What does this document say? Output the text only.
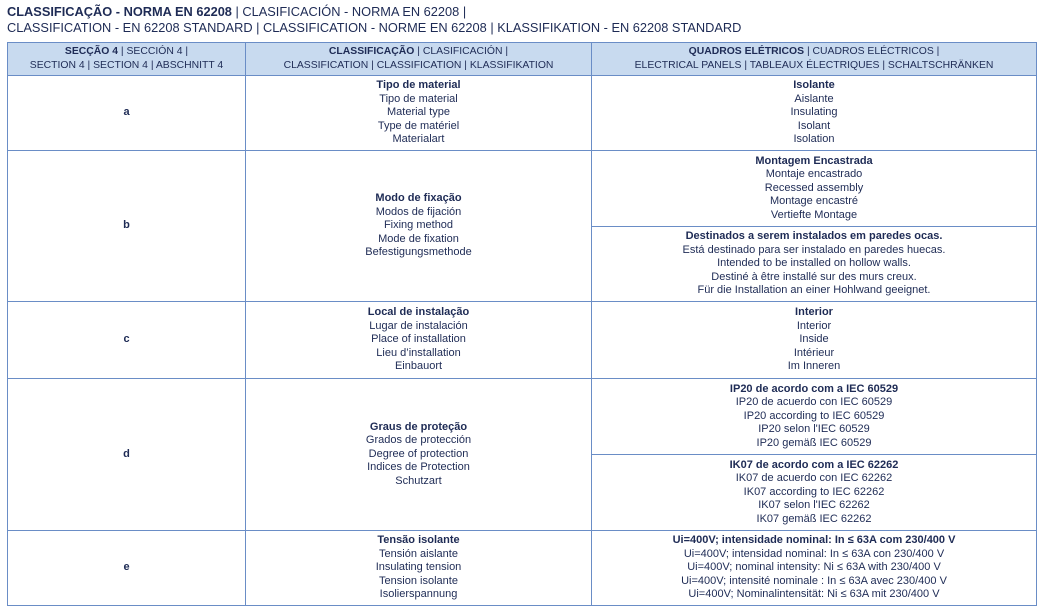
CLASSIFICAÇÃO - NORMA EN 62208 | CLASIFICACIÓN - NORMA EN 62208 |
CLASSIFICATION - EN 62208 STANDARD | CLASSIFICATION - NORME EN 62208 | KLASSIFIKATION - EN 62208 STANDARD
SECÇÃO 4 | SECCIÓN 4 |
SECTION 4 | SECTION 4 | ABSCHNITT 4
CLASSIFICAÇÃO | CLASIFICACIÓN |
CLASSIFICATION | CLASSIFICATION | KLASSIFIKATION
QUADROS ELÉTRICOS | CUADROS ELÉCTRICOS |
ELECTRICAL PANELS | TABLEAUX ÉLECTRIQUES | SCHALTSCHRÄNKEN
a
Tipo de material
Tipo de material
Material type
Type de matériel
Materialart
Isolante
Aislante
Insulating
Isolant
Isolation
b
Modo de fixação
Modos de fijación
Fixing method
Mode de fixation
Befestigungsmethode
Montagem Encastrada
Montaje encastrado
Recessed assembly
Montage encastré
Vertiefte Montage
Destinados a serem instalados em paredes ocas.
Está destinado para ser instalado en paredes huecas.
Intended to be installed on hollow walls.
Destiné à être installé sur des murs creux.
Für die Installation an einer Hohlwand geeignet.
c
Local de instalação
Lugar de instalación
Place of installation
Lieu d’installation
Einbauort
Interior
Interior
Inside
Intérieur
Im Inneren
d
Graus de proteção
Grados de protección
Degree of protection
Indices de Protection
Schutzart
IP20 de acordo com a IEC 60529
IP20 de acuerdo con IEC 60529
IP20 according to IEC 60529
IP20 selon l'IEC 60529
IP20 gemäß IEC 60529
IK07 de acordo com a IEC 62262
IK07 de acuerdo con IEC 62262
IK07 according to IEC 62262
IK07 selon l'IEC 62262
IK07 gemäß IEC 62262
e
Tensão isolante
Tensión aislante
Insulating tension
Tension isolante
Isolierspannung
Ui=400V; intensidade nominal: In ≤ 63A com 230/400 V
Ui=400V; intensidad nominal: In ≤ 63A con 230/400 V
Ui=400V; nominal intensity: Ni ≤ 63A with 230/400 V
Ui=400V; intensité nominale : In ≤ 63A avec 230/400 V
Ui=400V; Nominalintensität: Ni ≤ 63A mit 230/400 V
